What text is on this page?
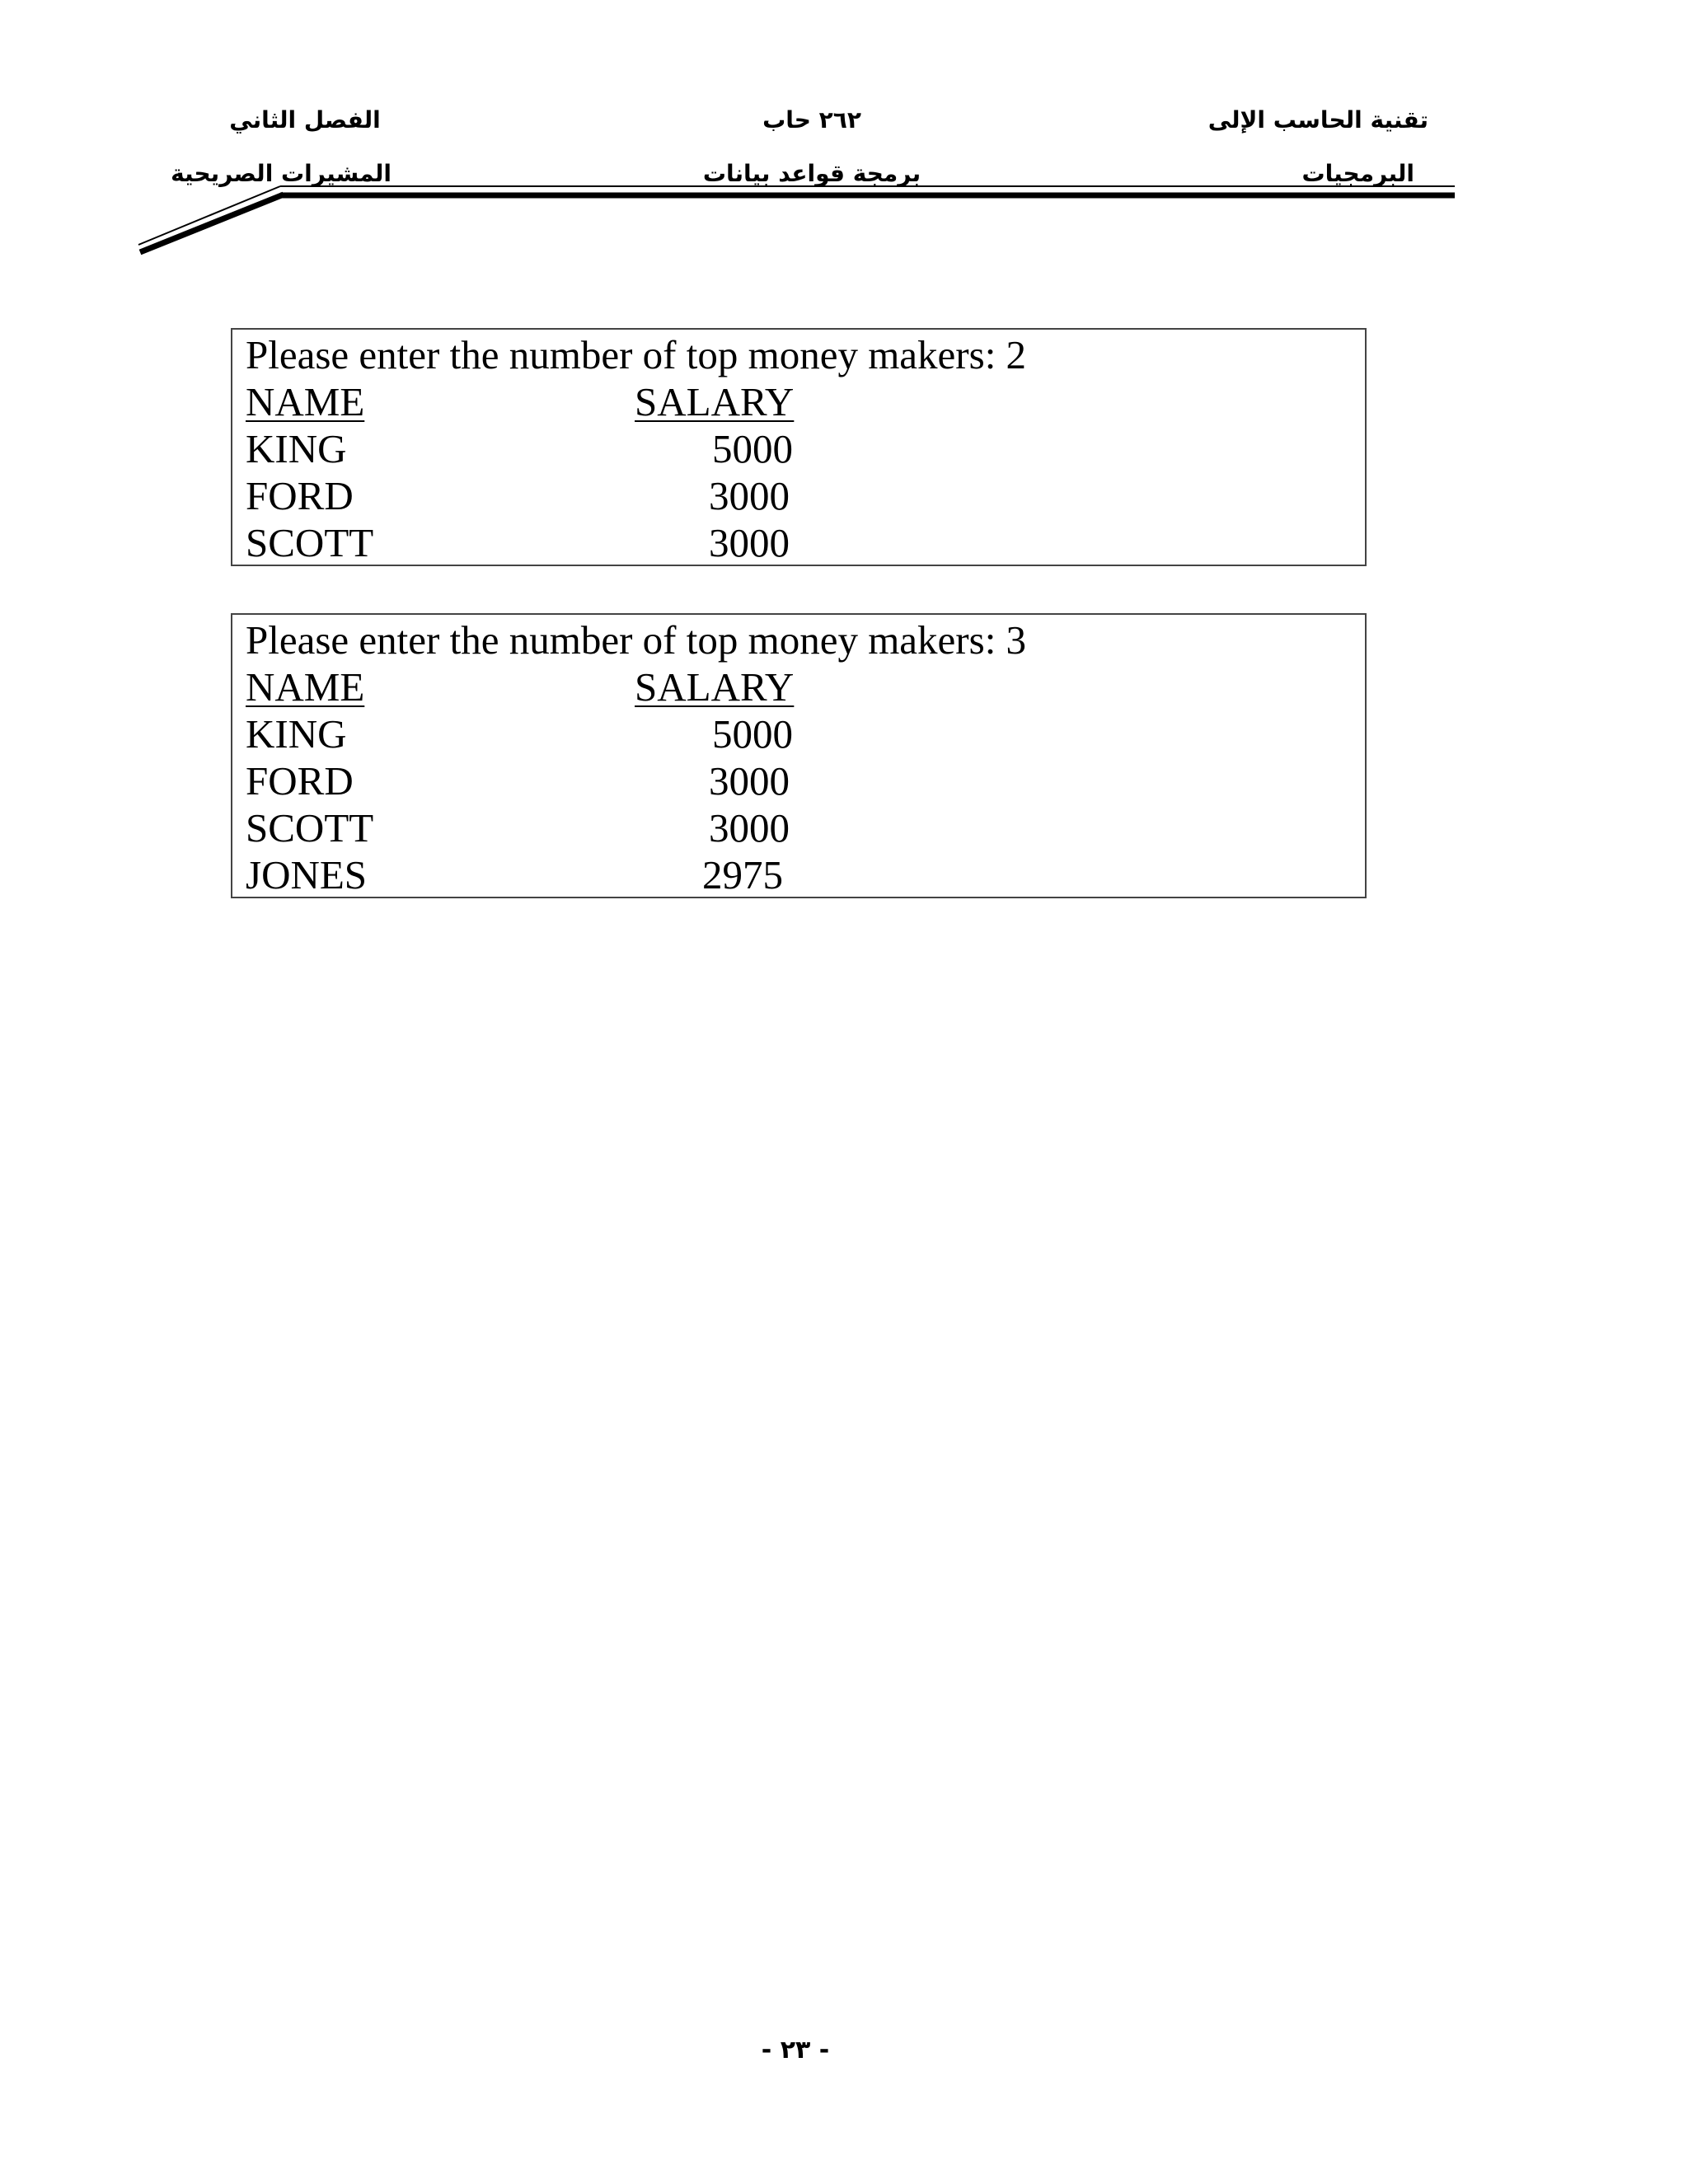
تقنية الحاسب الإلى
البرمجيات
٢٦٢ حاب
برمجة قواعد بيانات
الفصل الثاني
المشيرات الصريحية
Please enter the number of top money makers: 2
NAME	SALARY
KING	5000
FORD	3000
SCOTT	3000
Please enter the number of top money makers: 3
NAME	SALARY
KING	5000
FORD	3000
SCOTT	3000
JONES	2975
- ٢٣ -
